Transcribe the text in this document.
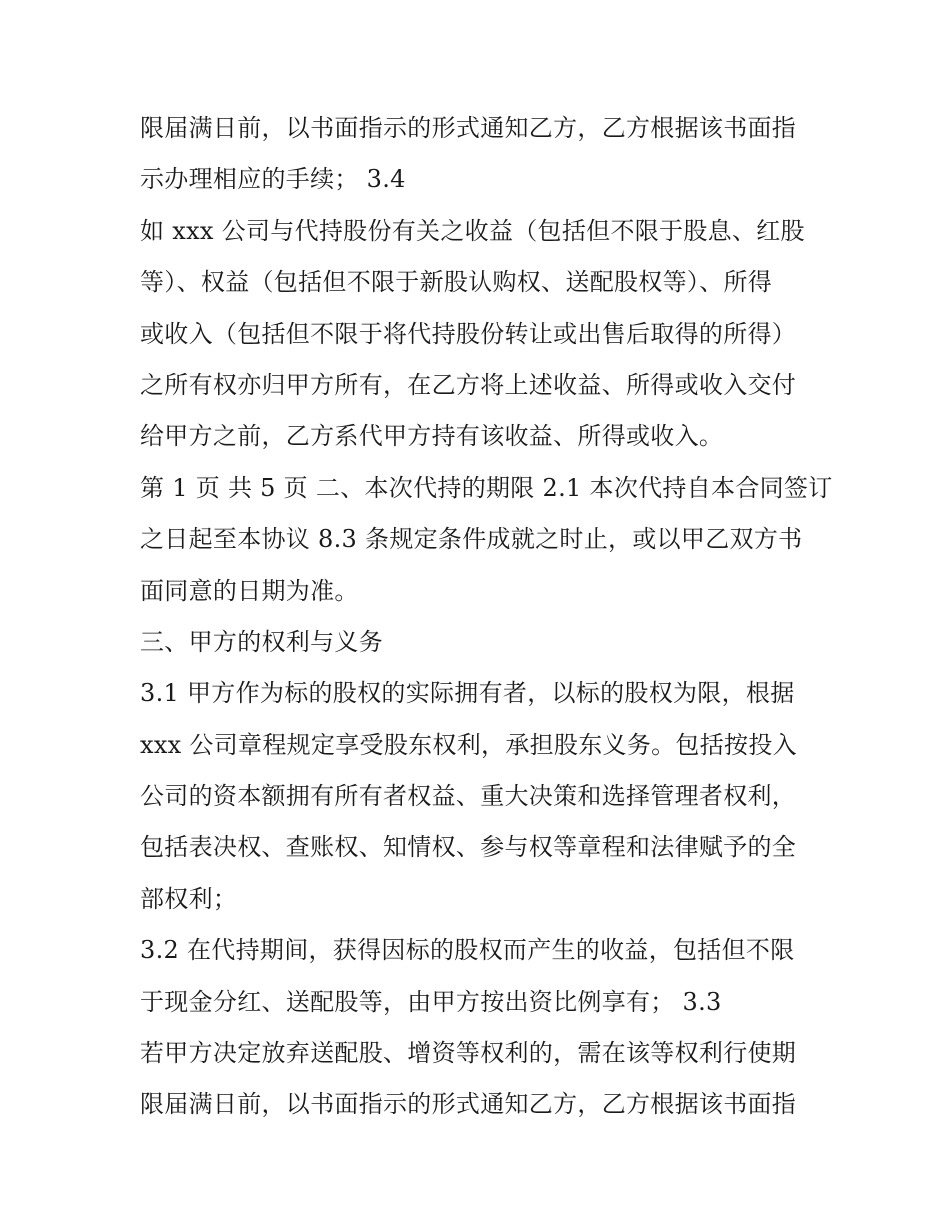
限届满日前，以书面指示的形式通知乙方，乙方根据该书面指
示办理相应的手续； 3.4
如 xxx 公司与代持股份有关之收益（包括但不限于股息、红股
等）、权益（包括但不限于新股认购权、送配股权等）、所得
或收入（包括但不限于将代持股份转让或出售后取得的所得）
之所有权亦归甲方所有，在乙方将上述收益、所得或收入交付
给甲方之前，乙方系代甲方持有该收益、所得或收入。
第 1 页 共 5 页 二、本次代持的期限 2.1 本次代持自本合同签订
之日起至本协议 8.3 条规定条件成就之时止，或以甲乙双方书
面同意的日期为准。
三、甲方的权利与义务
3.1 甲方作为标的股权的实际拥有者，以标的股权为限，根据
xxx 公司章程规定享受股东权利，承担股东义务。包括按投入
公司的资本额拥有所有者权益、重大决策和选择管理者权利，
包括表决权、查账权、知情权、参与权等章程和法律赋予的全
部权利；
3.2 在代持期间，获得因标的股权而产生的收益，包括但不限
于现金分红、送配股等，由甲方按出资比例享有； 3.3
若甲方决定放弃送配股、增资等权利的，需在该等权利行使期
限届满日前，以书面指示的形式通知乙方，乙方根据该书面指
